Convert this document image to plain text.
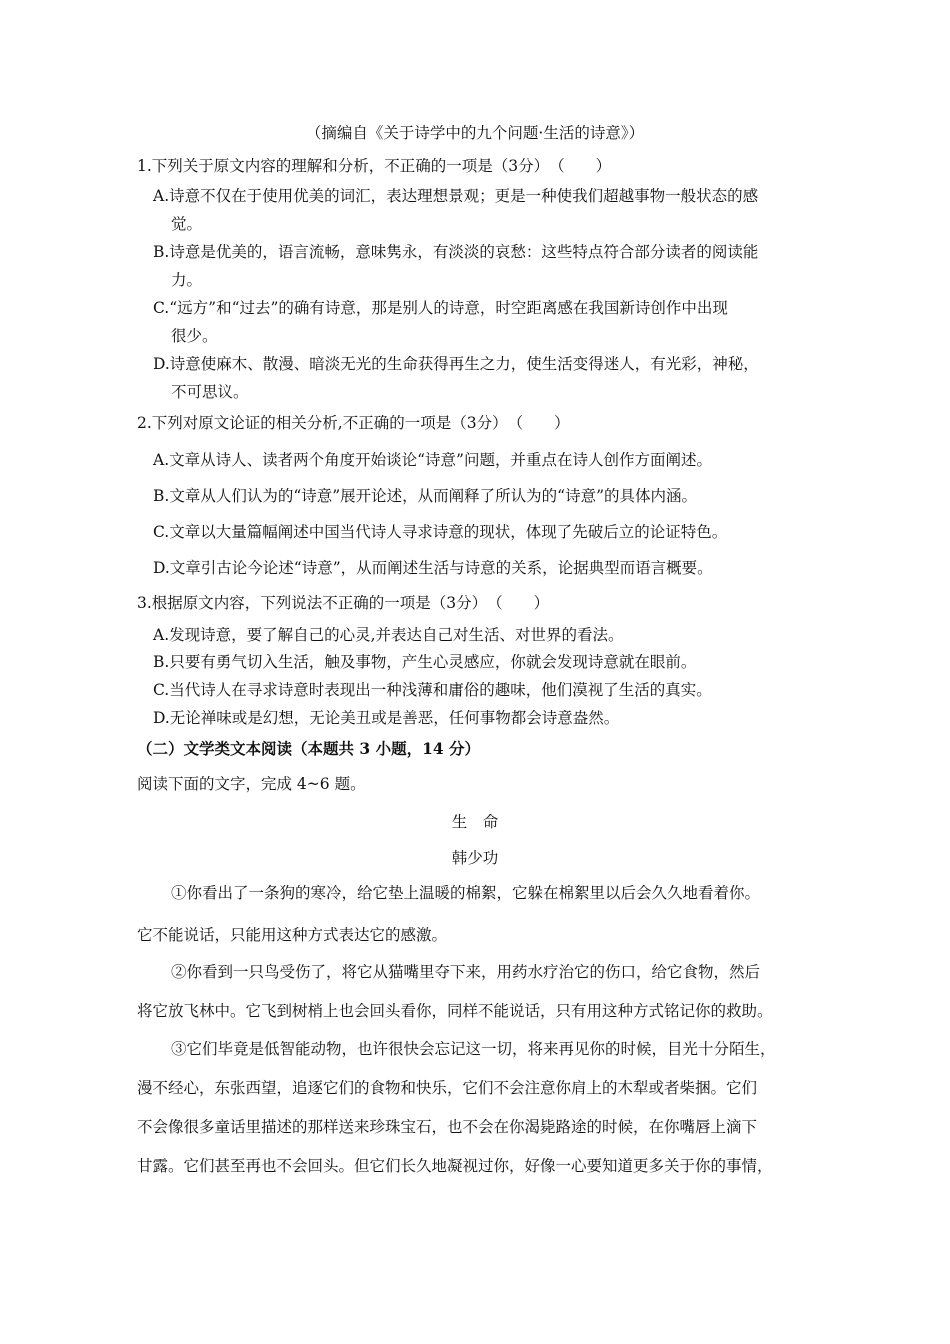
（摘编自《关于诗学中的九个问题·生活的诗意》）
1.下列关于原文内容的理解和分析，不正确的一项是（3分）　（　　）
A.诗意不仅在于使用优美的词汇，表达理想景观；更是一种使我们超越事物一般状态的感
觉。
B.诗意是优美的，语言流畅，意味隽永，有淡淡的哀愁：这些特点符合部分读者的阅读能
力。
C.“远方”和“过去”的确有诗意，那是别人的诗意，时空距离感在我国新诗创作中出现
很少。
D.诗意使麻木、散漫、暗淡无光的生命获得再生之力，使生活变得迷人，有光彩，神秘，
不可思议。
2.下列对原文论证的相关分析,不正确的一项是（3分）　（　　）
A.文章从诗人、读者两个角度开始谈论“诗意”问题，并重点在诗人创作方面阐述。
B.文章从人们认为的“诗意”展开论述，从而阐释了所认为的“诗意”的具体内涵。
C.文章以大量篇幅阐述中国当代诗人寻求诗意的现状，体现了先破后立的论证特色。
D.文章引古论今论述“诗意”，从而阐述生活与诗意的关系，论据典型而语言概要。
3.根据原文内容，下列说法不正确的一项是（3分）　（　　）
A.发现诗意，要了解自己的心灵,并表达自己对生活、对世界的看法。
B.只要有勇气切入生活，触及事物，产生心灵感应，你就会发现诗意就在眼前。
C.当代诗人在寻求诗意时表现出一种浅薄和庸俗的趣味，他们漠视了生活的真实。
D.无论禅味或是幻想，无论美丑或是善恶，任何事物都会诗意盎然。
（二）文学类文本阅读（本题共 3 小题，14 分）
阅读下面的文字，完成 4~6 题。
生　命
韩少功
①你看出了一条狗的寒冷，给它垫上温暖的棉絮，它躲在棉絮里以后会久久地看着你。
它不能说话，只能用这种方式表达它的感激。
②你看到一只鸟受伤了，将它从猫嘴里夺下来，用药水疗治它的伤口，给它食物，然后
将它放飞林中。它飞到树梢上也会回头看你，同样不能说话，只有用这种方式铭记你的救助。
③它们毕竟是低智能动物，也许很快会忘记这一切，将来再见你的时候，目光十分陌生，
漫不经心，东张西望，追逐它们的食物和快乐，它们不会注意你肩上的木犁或者柴捆。它们
不会像很多童话里描述的那样送来珍珠宝石，也不会在你渴毙路途的时候，在你嘴唇上滴下
甘露。它们甚至再也不会回头。但它们长久地凝视过你，好像一心要知道更多关于你的事情，
